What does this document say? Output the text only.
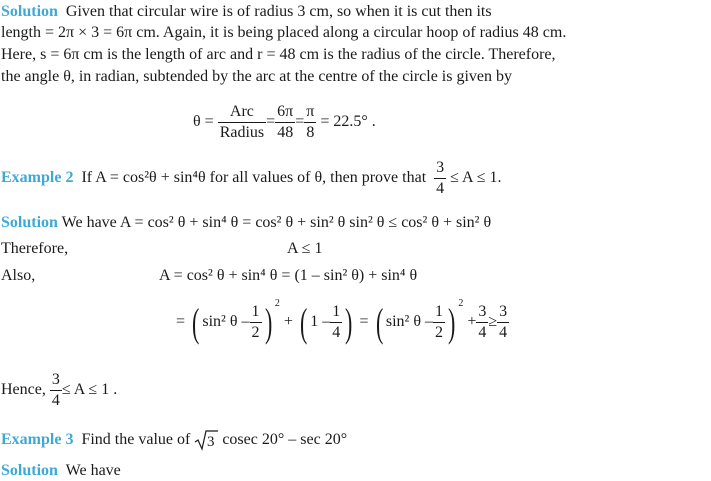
Solution Given that circular wire is of radius 3 cm, so when it is cut then its
length = 2π × 3 = 6π cm. Again, it is being placed along a circular hoop of radius 48 cm.
Here, s = 6π cm is the length of arc and r = 48 cm is the radius of the circle. Therefore,
the angle θ, in radian, subtended by the arc at the centre of the circle is given by
$\theta = \frac{\text{Arc}}{\text{Radius}} = \frac{6\pi}{48} = \frac{\pi}{8} = 22.5^\circ$ .
Example 2 If A = cos²θ + sin⁴θ for all values of θ, then prove that $\frac{3}{4} \le A \le 1$.
Solution We have A = cos² θ + sin⁴ θ = cos² θ + sin² θ sin² θ ≤ cos² θ + sin² θ
Therefore,	A ≤ 1
Also,	A = cos² θ + sin⁴ θ = (1 – sin² θ) + sin⁴ θ
= ( sin² θ – $\frac{1}{2}$ ) $^2$ + ( $1 - \frac{1}{4}$ ) = ( sin² θ – $\frac{1}{2}$ ) $^2 + \frac{3}{4} \ge \frac{3}{4}$
Hence, $\frac{3}{4} \le A \le 1$ .
Example 3 Find the value of 3 cosec 20° – sec 20°
Solution We have
